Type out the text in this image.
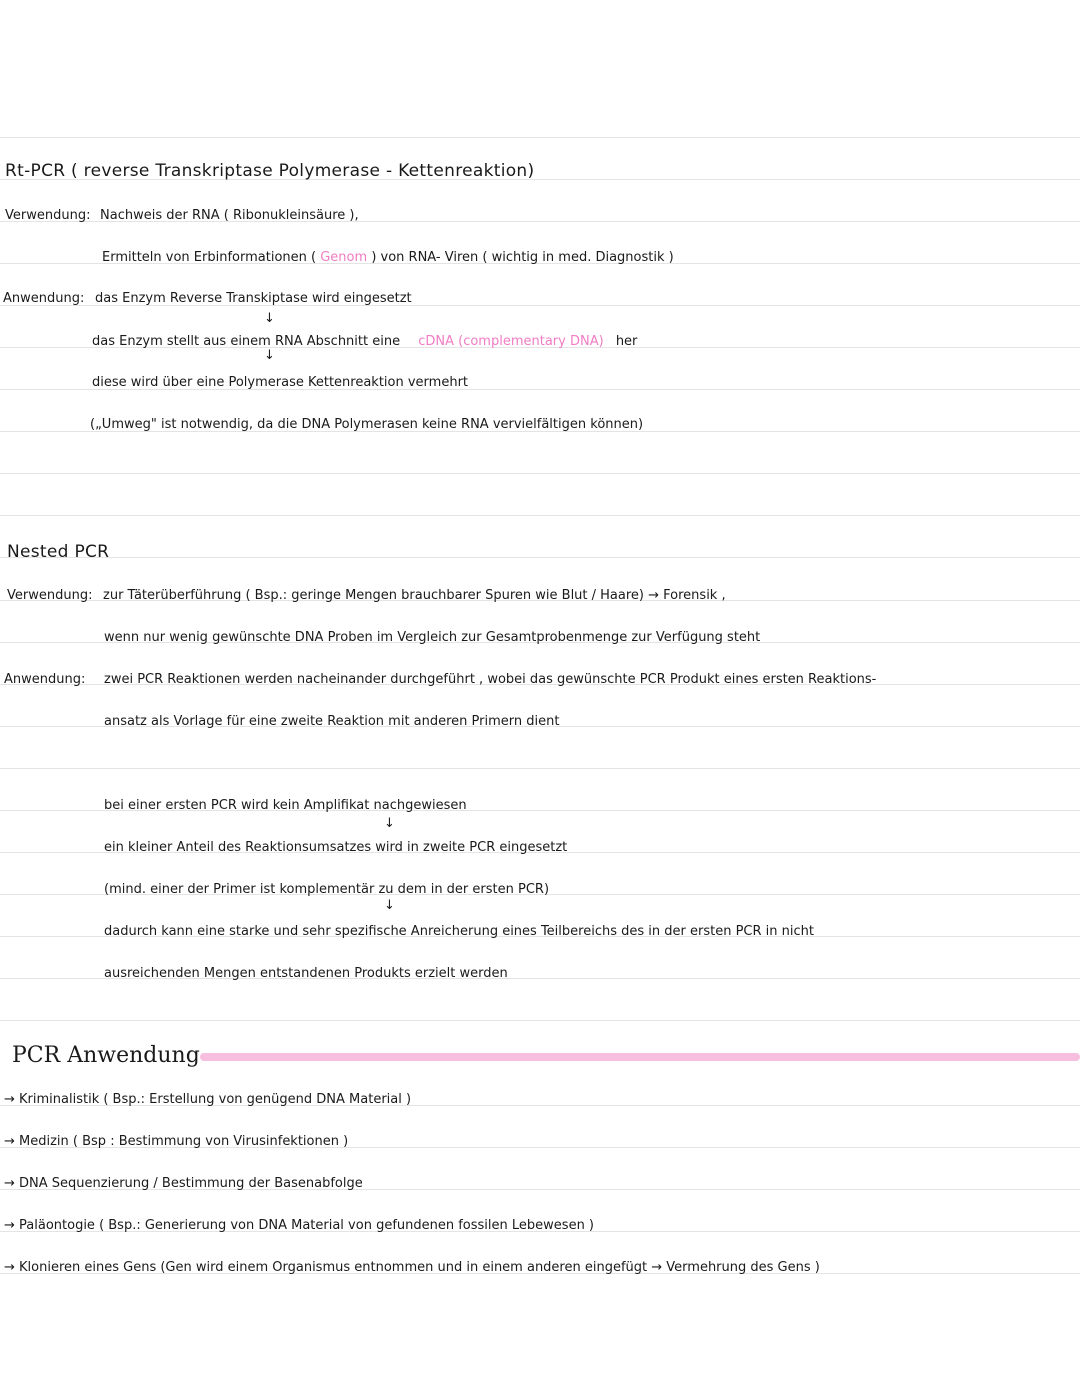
Rt-PCR ( reverse Transkriptase Polymerase - Kettenreaktion)
Verwendung: Nachweis der RNA ( Ribonukleinsäure ),
Ermitteln von Erbinformationen ( Genom ) von RNA- Viren ( wichtig in med. Diagnostik )
Anwendung: das Enzym Reverse Transkiptase wird eingesetzt
↓
das Enzym stellt aus einem RNA Abschnitt eine cDNA (complementary DNA) her
↓
diese wird über eine Polymerase Kettenreaktion vermehrt
(„Umweg" ist notwendig, da die DNA Polymerasen keine RNA vervielfältigen können)
Nested PCR
Verwendung: zur Täterüberführung ( Bsp.: geringe Mengen brauchbarer Spuren wie Blut / Haare) → Forensik ,
wenn nur wenig gewünschte DNA Proben im Vergleich zur Gesamtprobenmenge zur Verfügung steht
Anwendung: zwei PCR Reaktionen werden nacheinander durchgeführt , wobei das gewünschte PCR Produkt eines ersten Reaktions-
ansatz als Vorlage für eine zweite Reaktion mit anderen Primern dient
bei einer ersten PCR wird kein Amplifikat nachgewiesen
↓
ein kleiner Anteil des Reaktionsumsatzes wird in zweite PCR eingesetzt
(mind. einer der Primer ist komplementär zu dem in der ersten PCR)
↓
dadurch kann eine starke und sehr spezifische Anreicherung eines Teilbereichs des in der ersten PCR in nicht
ausreichenden Mengen entstandenen Produkts erzielt werden
PCR Anwendung
→ Kriminalistik ( Bsp.: Erstellung von genügend DNA Material )
→ Medizin ( Bsp : Bestimmung von Virusinfektionen )
→ DNA Sequenzierung / Bestimmung der Basenabfolge
→ Paläontogie ( Bsp.: Generierung von DNA Material von gefundenen fossilen Lebewesen )
→ Klonieren eines Gens (Gen wird einem Organismus entnommen und in einem anderen eingefügt → Vermehrung des Gens )
